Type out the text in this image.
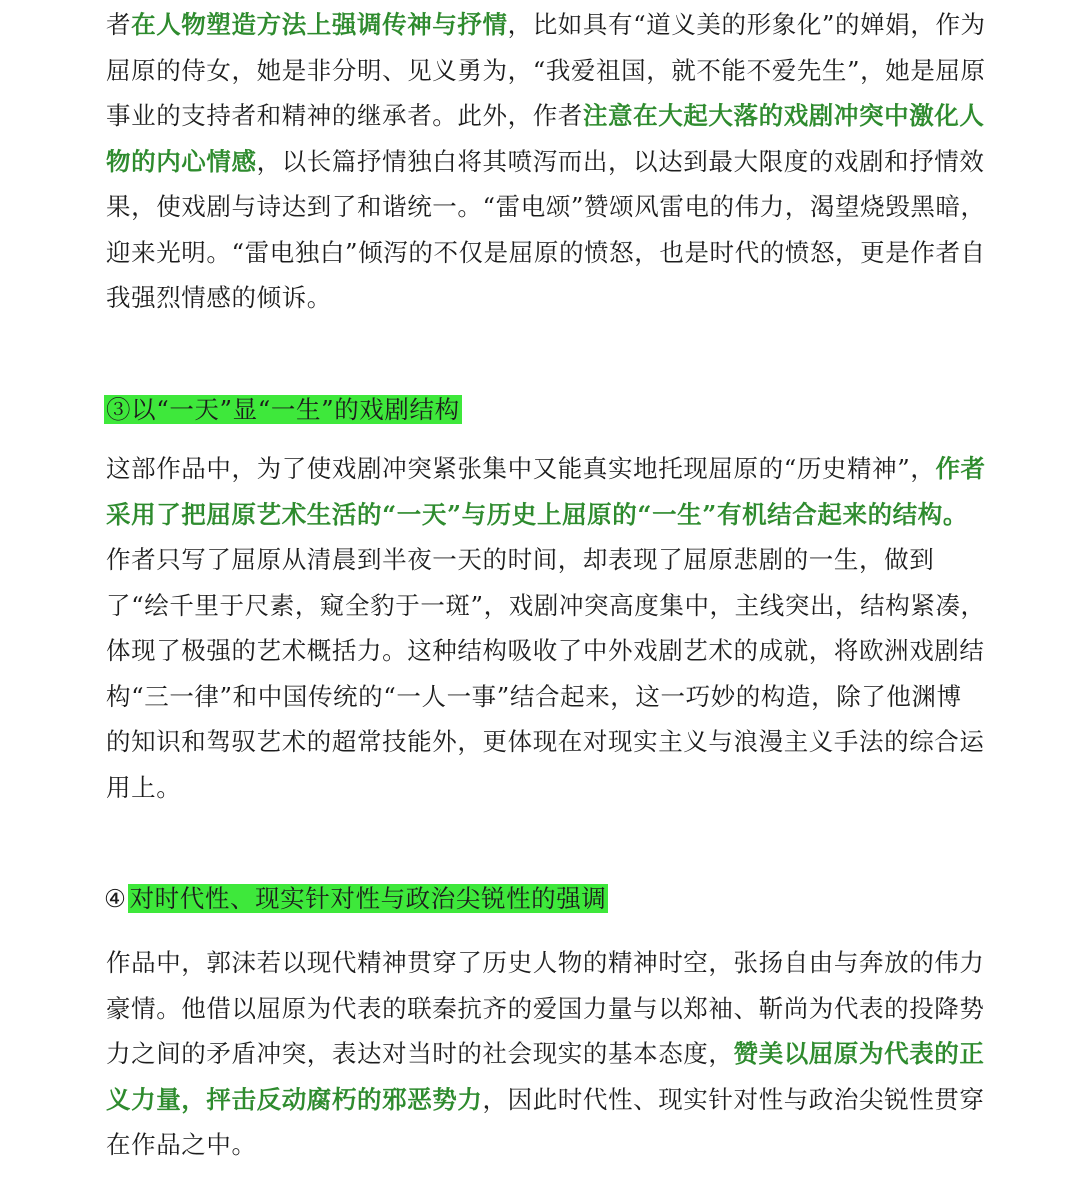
者在人物塑造方法上强调传神与抒情，比如具有“道义美的形象化”的婵娟，作为屈原的侍女，她是非分明、见义勇为，“我爱祖国，就不能不爱先生”，她是屈原事业的支持者和精神的继承者。此外，作者注意在大起大落的戏剧冲突中激化人物的内心情感，以长篇抒情独白将其喷泻而出，以达到最大限度的戏剧和抒情效果，使戏剧与诗达到了和谐统一。“雷电颂”赞颂风雷电的伟力，渴望烧毁黑暗，迎来光明。“雷电独白”倾泻的不仅是屈原的愤怒，也是时代的愤怒，更是作者自我强烈情感的倾诉。

③以“一天”显“一生”的戏剧结构

这部作品中，为了使戏剧冲突紧张集中又能真实地托现屈原的“历史精神”，作者采用了把屈原艺术生活的“一天”与历史上屈原的“一生”有机结合起来的结构。作者只写了屈原从清晨到半夜一天的时间，却表现了屈原悲剧的一生，做到了“绘千里于尺素，窥全豹于一斑”，戏剧冲突高度集中，主线突出，结构紧凑，体现了极强的艺术概括力。这种结构吸收了中外戏剧艺术的成就，将欧洲戏剧结构“三一律”和中国传统的“一人一事”结合起来，这一巧妙的构造，除了他渊博的知识和驾驭艺术的超常技能外，更体现在对现实主义与浪漫主义手法的综合运用上。

④ 对时代性、现实针对性与政治尖锐性的强调

作品中，郭沫若以现代精神贯穿了历史人物的精神时空，张扬自由与奔放的伟力豪情。他借以屈原为代表的联秦抗齐的爱国力量与以郑袖、靳尚为代表的投降势力之间的矛盾冲突，表达对当时的社会现实的基本态度，赞美以屈原为代表的正义力量，抨击反动腐朽的邪恶势力，因此时代性、现实针对性与政治尖锐性贯穿在作品之中。
